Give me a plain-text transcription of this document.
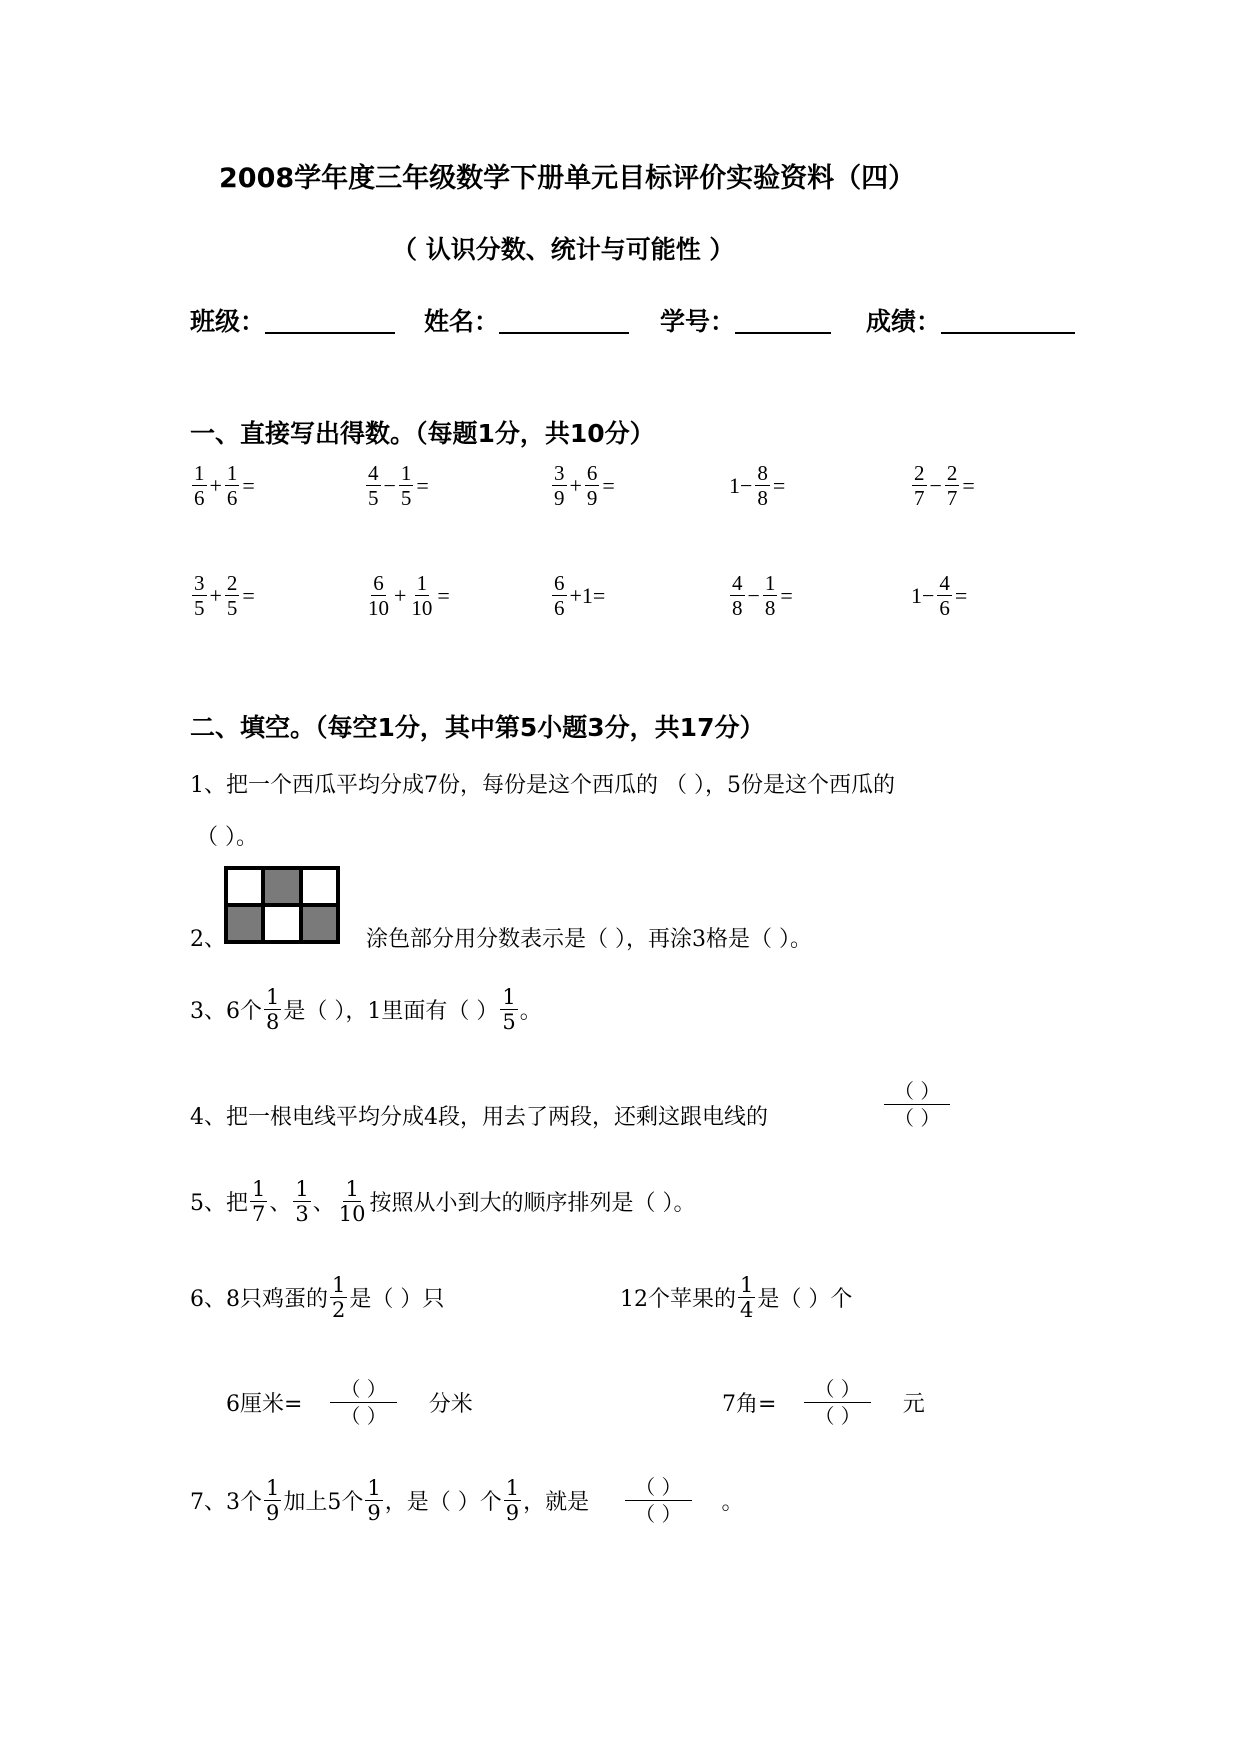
2008学年度三年级数学下册单元目标评价实验资料（四）
（ 认识分数、统计与可能性 ）
班级：	姓名：	学号：	成绩：
一、直接写出得数。（每题1分，共10分）
$\frac{1}{6} + \frac{1}{6}$ =	$\frac{4}{5} - \frac{1}{5}$ =	$\frac{3}{9} + \frac{6}{9}$ =	$1- \frac{8}{8}$ =	$\frac{2}{7} - \frac{2}{7}$ =
$\frac{3}{5} + \frac{2}{5}$ =	$\frac{6}{10} + \frac{1}{10}$ =	$\frac{6}{6} +1=$	$\frac{4}{8} - \frac{1}{8}$ =	$1- \frac{4}{6}$ =
二、填空。（每空1分，其中第5小题3分，共17分）
1、把一个西瓜平均分成7份，每份是这个西瓜的 （ ），5份是这个西瓜的
（ ）。
2、	涂色部分用分数表示是（ ），再涂3格是（ ）。
3、6个 $\frac{1}{8}$ 是（ ），1里面有（ ） $\frac{1}{5}$ 。
4、把一根电线平均分成4段，用去了两段，还剩这跟电线的
（ ）
（ ）
5、把 $\frac{1}{7}$ 、 $\frac{1}{3}$ 、 $\frac{1}{10}$ 按照从小到大的顺序排列是（ ）。
6、8只鸡蛋的 $\frac{1}{2}$ 是（ ）只	12个苹果的 $\frac{1}{4}$ 是（ ）个
6厘米=
（ ）
（ ）	分米	7角=
（ ）
（ ）	元
7、3个 $\frac{1}{9}$ 加上5个 $\frac{1}{9}$ ，是（ ）个 $\frac{1}{9}$ ，就是
（ ）
（ ）	。
